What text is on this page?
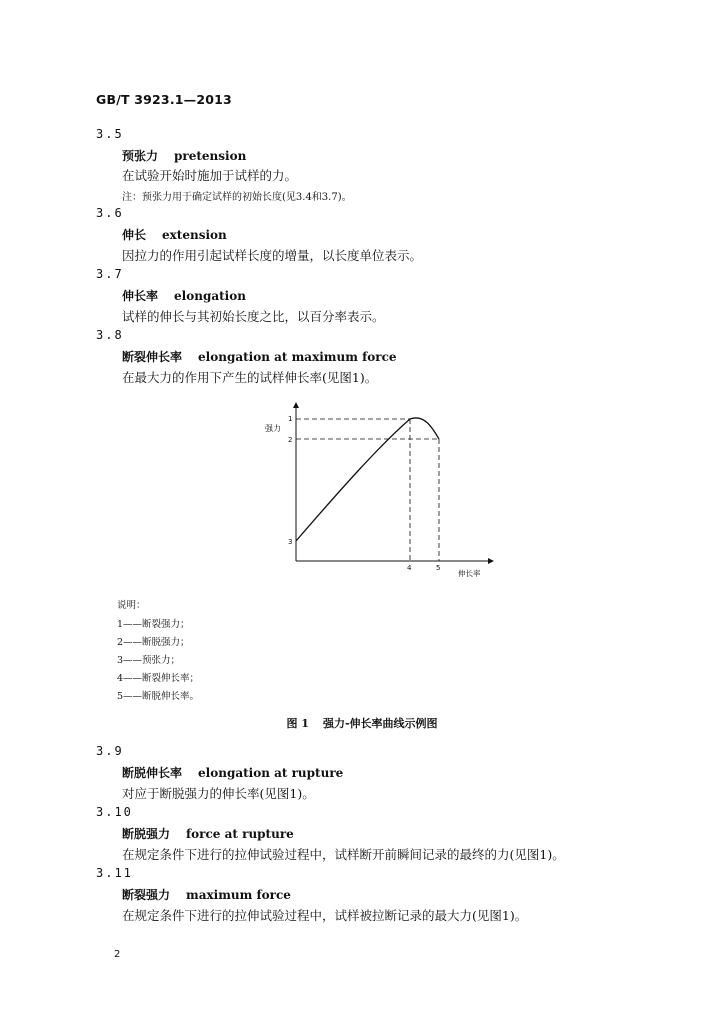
GB/T 3923.1—2013
3.5
预张力 pretension
在试验开始时施加于试样的力。
注：预张力用于确定试样的初始长度(见3.4和3.7)。
3.6
伸长 extension
因拉力的作用引起试样长度的增量，以长度单位表示。
3.7
伸长率 elongation
试样的伸长与其初始长度之比，以百分率表示。
3.8
断裂伸长率 elongation at maximum force
在最大力的作用下产生的试样伸长率(见图1)。
1
强力
2
3
4	5
伸长率
说明：
1——断裂强力；
2——断脱强力；
3——预张力；
4——断裂伸长率；
5——断脱伸长率。
图 1 强力-伸长率曲线示例图
3.9
断脱伸长率 elongation at rupture
对应于断脱强力的伸长率(见图1)。
3.10
断脱强力 force at rupture
在规定条件下进行的拉伸试验过程中，试样断开前瞬间记录的最终的力(见图1)。
3.11
断裂强力 maximum force
在规定条件下进行的拉伸试验过程中，试样被拉断记录的最大力(见图1)。
2
